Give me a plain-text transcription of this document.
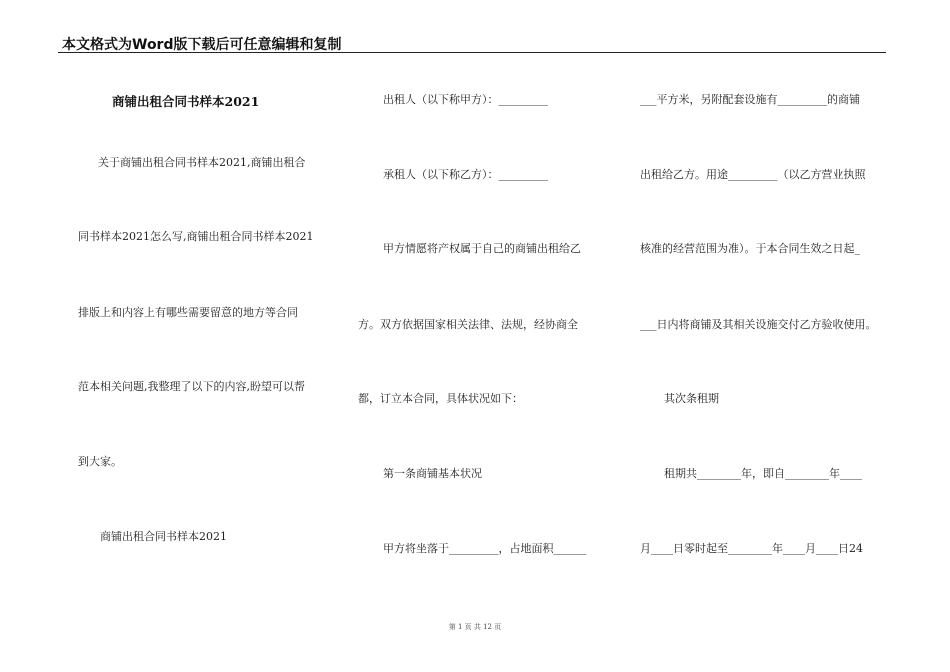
本文格式为Word版下载后可任意编辑和复制
商铺出租合同书样本2021
关于商铺出租合同书样本2021,商铺出租合
同书样本2021怎么写,商铺出租合同书样本2021
排版上和内容上有哪些需要留意的地方等合同
范本相关问题,我整理了以下的内容,盼望可以帮
到大家。
商铺出租合同书样本2021
出租人（以下称甲方）：_________
承租人（以下称乙方）：_________
甲方情愿将产权属于自己的商铺出租给乙
方。双方依据国家相关法律、法规，经协商全
都，订立本合同，具体状况如下：
第一条商铺基本状况
甲方将坐落于_________，占地面积______
___平方米，另附配套设施有_________的商铺
出租给乙方。用途_________（以乙方营业执照
核准的经营范围为准）。于本合同生效之日起_
___日内将商铺及其相关设施交付乙方验收使用。
其次条租期
租期共________年，即自________年____
月____日零时起至________年____月____日24
第 1 页 共 12 页
